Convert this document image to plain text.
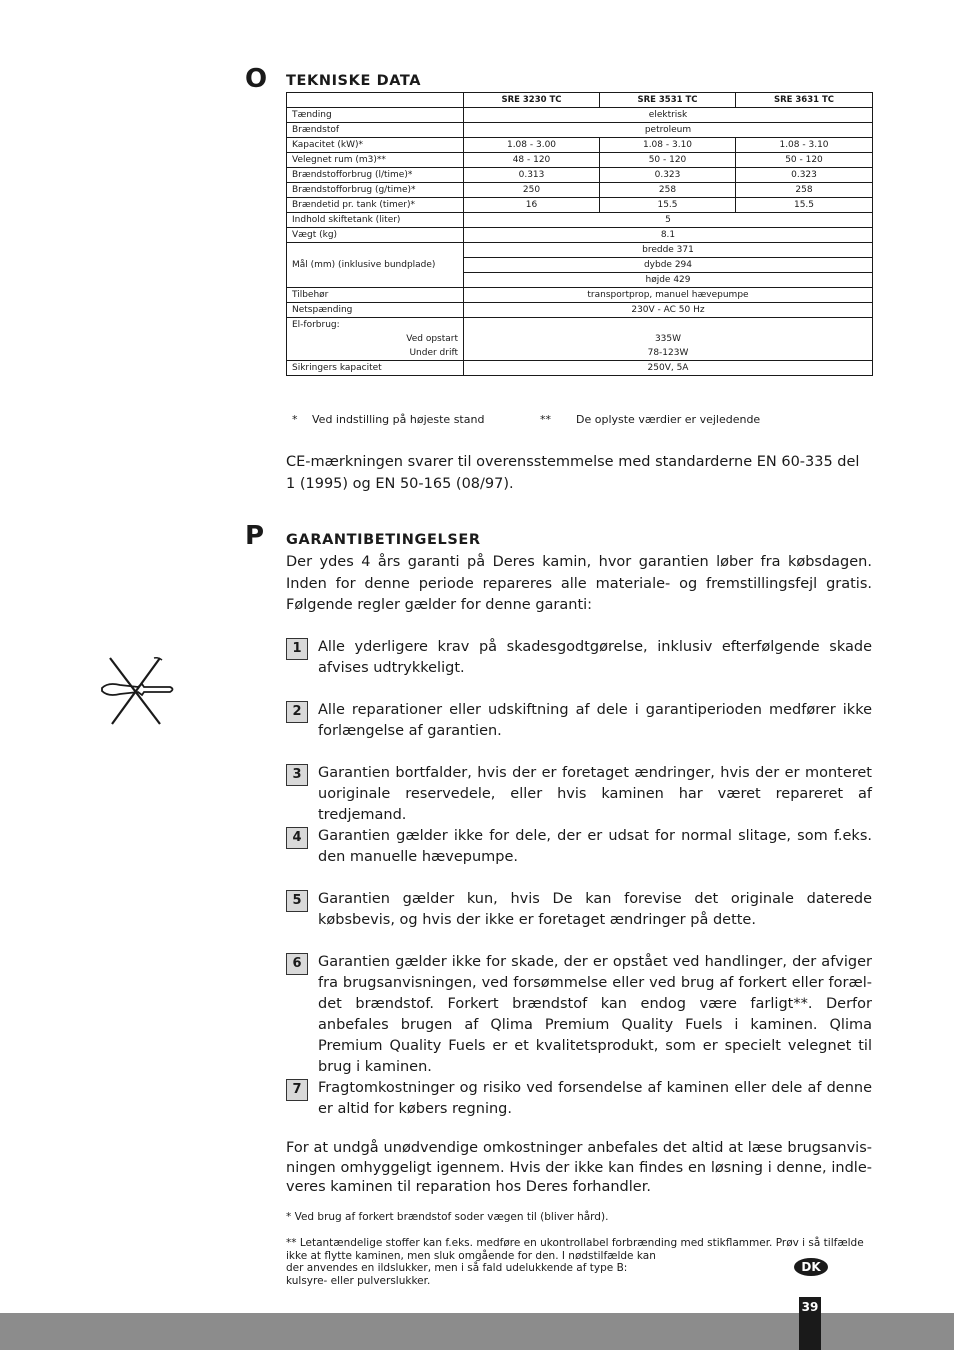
O TEKNISKE DATA
	SRE 3230 TC	SRE 3531 TC	SRE 3631 TC
Tænding	elektrisk		
Brændstof	petroleum		
Kapacitet (kW)*	1.08 - 3.00	1.08 - 3.10	1.08 - 3.10
Velegnet rum (m3)**	48 - 120	50 - 120	50 - 120
Brændstofforbrug (l/time)*	0.313	0.323	0.323
Brændstofforbrug (g/time)*	250	258	258
Brændetid pr. tank (timer)*	16	15.5	15.5
Indhold skiftetank (liter)	5		
Vægt (kg)	8.1		
Mål (mm) (inklusive bundplade)	bredde 371		
	dybde 294		
	højde 429		
Tilbehør	transportprop, manuel hævepumpe		
Netspænding	230V - AC 50 Hz		
El-forbrug:			
Ved opstart	335W		
Under drift	78-123W		
Sikringers kapacitet	250V, 5A		
* Ved indstilling på højeste stand	** De oplyste værdier er vejledende
CE-mærkningen svarer til overensstemmelse med standarderne EN 60-335 del 1 (1995) og EN 50-165 (08/97).
P GARANTIBETINGELSER
Der ydes 4 års garanti på Deres kamin, hvor garantien løber fra købsdagen. Inden for denne periode repareres alle materiale- og fremstillingsfejl gratis. Følgende regler gælder for denne garanti:
1	Alle yderligere krav på skadesgodtgørelse, inklusiv efterfølgende skade afvises udtrykkeligt.
2	Alle reparationer eller udskiftning af dele i garantiperioden medfører ikke forlængelse af garantien.
3	Garantien bortfalder, hvis der er foretaget ændringer, hvis der er monteret uoriginale reservedele, eller hvis kaminen har været repareret af tredjemand.
4	Garantien gælder ikke for dele, der er udsat for normal slitage, som f.eks. den manuelle hævepumpe.
5	Garantien gælder kun, hvis De kan forevise det originale daterede købsbevis, og hvis der ikke er foretaget ændringer på dette.
6	Garantien gælder ikke for skade, der er opstået ved handlinger, der afviger fra brugsanvisningen, ved forsømmelse eller ved brug af forkert eller foræl-det brændstof. Forkert brændstof kan endog være farligt**. Derfor anbefales brugen af Qlima Premium Quality Fuels i kaminen. Qlima Premium Quality Fuels er et kvalitetsprodukt, som er specielt velegnet til brug i kaminen.
7	Fragtomkostninger og risiko ved forsendelse af kaminen eller dele af denne er altid for købers regning.
For at undgå unødvendige omkostninger anbefales det altid at læse brugsanvis-ningen omhyggeligt igennem. Hvis der ikke kan findes en løsning i denne, indle-veres kaminen til reparation hos Deres forhandler.
* Ved brug af forkert brændstof soder vægen til (bliver hård).
** Letantændelige stoffer kan f.eks. medføre en ukontrollabel forbrænding med stikflammer. Prøv i så tilfælde
ikke at flytte kaminen, men sluk omgående for den. I nødstilfælde kan
der anvendes en ildslukker, men i så fald udelukkende af type B:
kulsyre- eller pulverslukker.
DK
39
